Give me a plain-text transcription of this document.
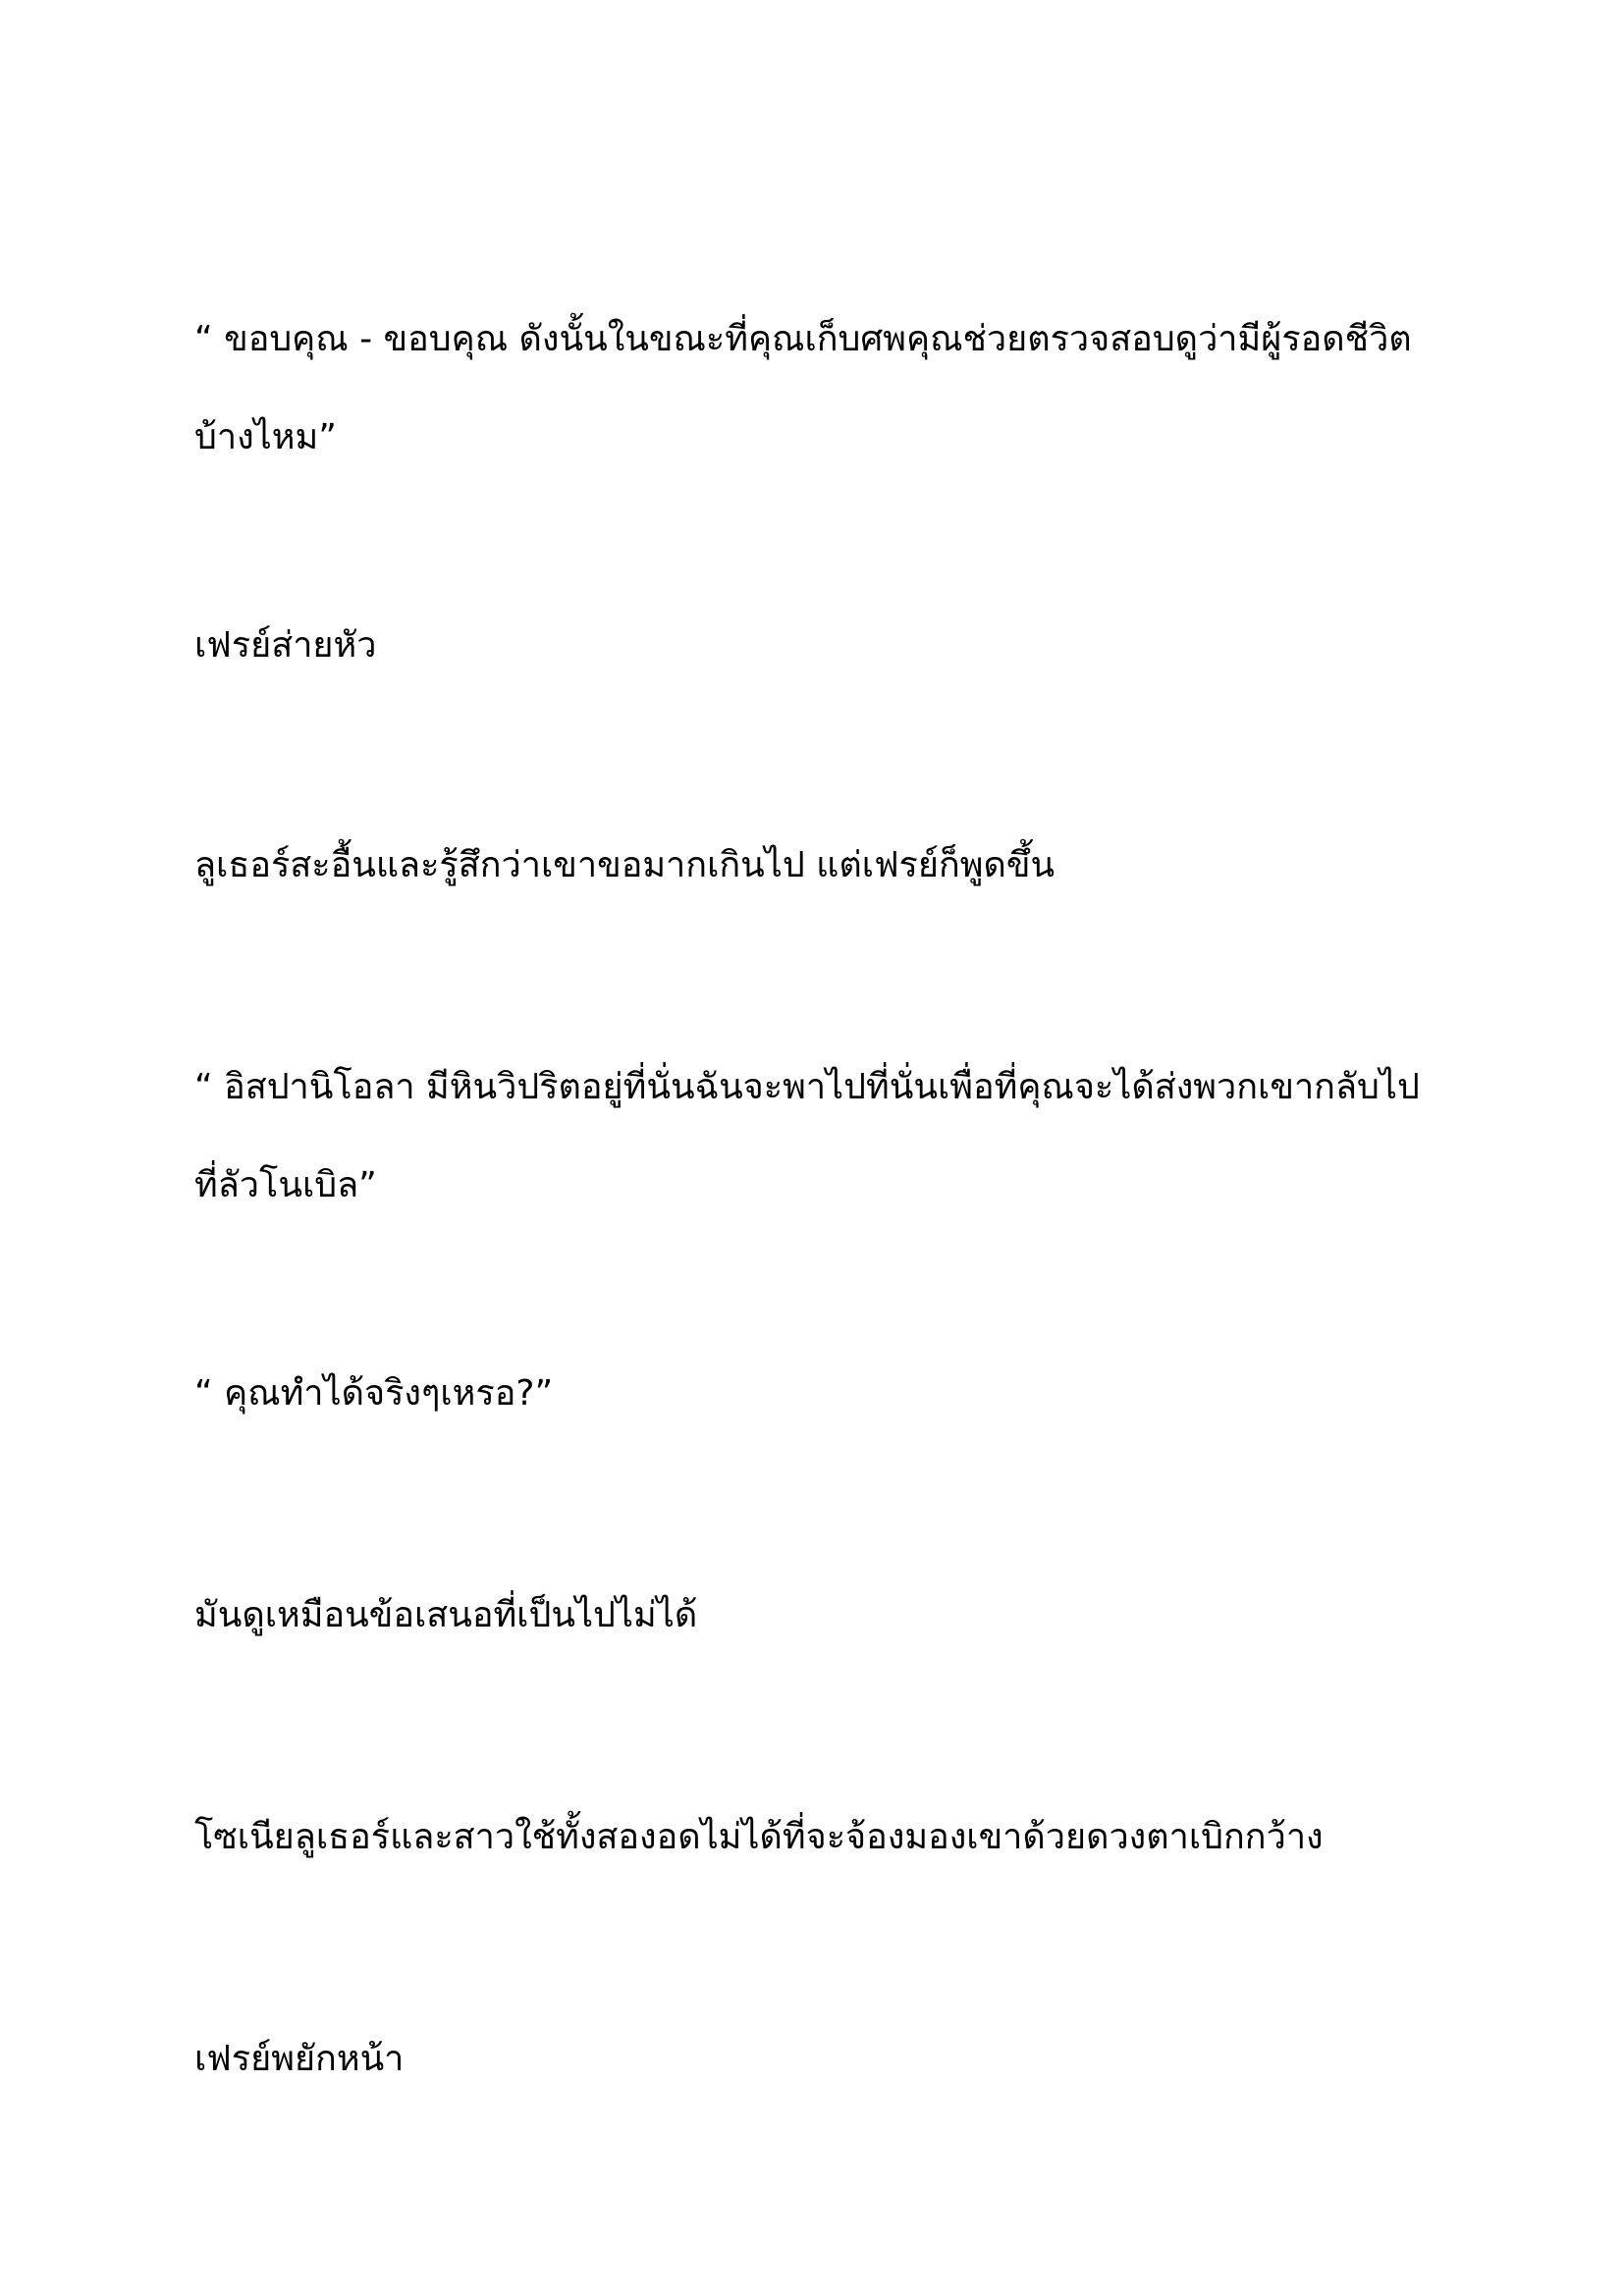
“ ขอบคุณ - ขอบคุณ ดังนั้นในขณะที่คุณเก็บศพคุณช่วยตรวจสอบดูว่ามีผู้รอดชีวิตบ้างไหม”

เฟรย์ส่ายหัว

ลูเธอร์สะอื้นและรู้สึกว่าเขาขอมากเกินไป แต่เฟรย์ก็พูดขึ้น

“ อิสปานิโอลา มีหินวิปริตอยู่ที่นั่นฉันจะพาไปที่นั่นเพื่อที่คุณจะได้ส่งพวกเขากลับไปที่ลัวโนเบิล”

“ คุณทำได้จริงๆเหรอ?”

มันดูเหมือนข้อเสนอที่เป็นไปไม่ได้

โซเนียลูเธอร์และสาวใช้ทั้งสองอดไม่ได้ที่จะจ้องมองเขาด้วยดวงตาเบิกกว้าง

เฟรย์พยักหน้า
